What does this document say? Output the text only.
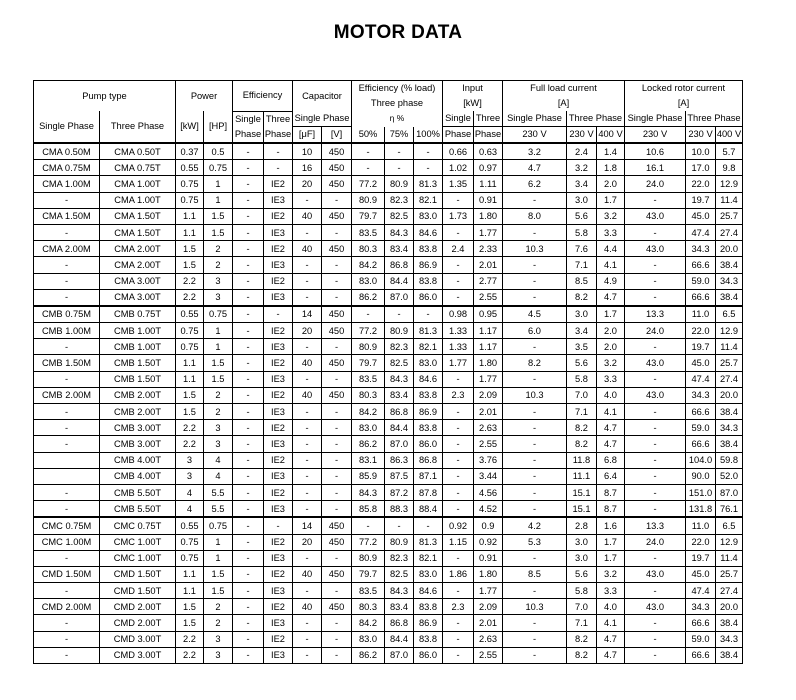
MOTOR DATA
Pump type		Power		Efficiency		Capacitor		Efficiency (% load)			Input		Full load current			Locked rotor current		
								Three phase			[kW]		[A]			[A]		
Single Phase	Three Phase	[kW]	[HP]	Single	Three	Single Phase		η %			Single	Three	Single Phase	Three Phase		Single Phase	Three Phase	
				Phase	Phase	[μF]	[V]	50%	75%	100%	Phase	Phase	230 V	230 V	400 V	230 V	230 V	400 V
CMA 0.50M	CMA 0.50T	0.37	0.5	-	-	10	450	-	-	-	0.66	0.63	3.2	2.4	1.4	10.6	10.0	5.7
CMA 0.75M	CMA 0.75T	0.55	0.75	-	-	16	450	-	-	-	1.02	0.97	4.7	3.2	1.8	16.1	17.0	9.8
CMA 1.00M	CMA 1.00T	0.75	1	-	IE2	20	450	77.2	80.9	81.3	1.35	1.11	6.2	3.4	2.0	24.0	22.0	12.9
-	CMA 1.00T	0.75	1	-	IE3	-	-	80.9	82.3	82.1	-	0.91	-	3.0	1.7	-	19.7	11.4
CMA 1.50M	CMA 1.50T	1.1	1.5	-	IE2	40	450	79.7	82.5	83.0	1.73	1.80	8.0	5.6	3.2	43.0	45.0	25.7
-	CMA 1.50T	1.1	1.5	-	IE3	-	-	83.5	84.3	84.6	-	1.77	-	5.8	3.3	-	47.4	27.4
CMA 2.00M	CMA 2.00T	1.5	2	-	IE2	40	450	80.3	83.4	83.8	2.4	2.33	10.3	7.6	4.4	43.0	34.3	20.0
-	CMA 2.00T	1.5	2	-	IE3	-	-	84.2	86.8	86.9	-	2.01	-	7.1	4.1	-	66.6	38.4
-	CMA 3.00T	2.2	3	-	IE2	-	-	83.0	84.4	83.8	-	2.77	-	8.5	4.9	-	59.0	34.3
-	CMA 3.00T	2.2	3	-	IE3	-	-	86.2	87.0	86.0	-	2.55	-	8.2	4.7	-	66.6	38.4
CMB 0.75M	CMB 0.75T	0.55	0.75	-	-	14	450	-	-	-	0.98	0.95	4.5	3.0	1.7	13.3	11.0	6.5
CMB 1.00M	CMB 1.00T	0.75	1	-	IE2	20	450	77.2	80.9	81.3	1.33	1.17	6.0	3.4	2.0	24.0	22.0	12.9
-	CMB 1.00T	0.75	1	-	IE3	-	-	80.9	82.3	82.1	1.33	1.17	-	3.5	2.0	-	19.7	11.4
CMB 1.50M	CMB 1.50T	1.1	1.5	-	IE2	40	450	79.7	82.5	83.0	1.77	1.80	8.2	5.6	3.2	43.0	45.0	25.7
-	CMB 1.50T	1.1	1.5	-	IE3	-	-	83.5	84.3	84.6	-	1.77	-	5.8	3.3	-	47.4	27.4
CMB 2.00M	CMB 2.00T	1.5	2	-	IE2	40	450	80.3	83.4	83.8	2.3	2.09	10.3	7.0	4.0	43.0	34.3	20.0
-	CMB 2.00T	1.5	2	-	IE3	-	-	84.2	86.8	86.9	-	2.01	-	7.1	4.1	-	66.6	38.4
-	CMB 3.00T	2.2	3	-	IE2	-	-	83.0	84.4	83.8	-	2.63	-	8.2	4.7	-	59.0	34.3
-	CMB 3.00T	2.2	3	-	IE3	-	-	86.2	87.0	86.0	-	2.55	-	8.2	4.7	-	66.6	38.4
	CMB 4.00T	3	4	-	IE2	-	-	83.1	86.3	86.8	-	3.76	-	11.8	6.8	-	104.0	59.8
	CMB 4.00T	3	4	-	IE3	-	-	85.9	87.5	87.1	-	3.44	-	11.1	6.4	-	90.0	52.0
-	CMB 5.50T	4	5.5	-	IE2	-	-	84.3	87.2	87.8	-	4.56	-	15.1	8.7	-	151.0	87.0
-	CMB 5.50T	4	5.5	-	IE3	-	-	85.8	88.3	88.4	-	4.52	-	15.1	8.7	-	131.8	76.1
CMC 0.75M	CMC 0.75T	0.55	0.75	-	-	14	450	-	-	-	0.92	0.9	4.2	2.8	1.6	13.3	11.0	6.5
CMC 1.00M	CMC 1.00T	0.75	1	-	IE2	20	450	77.2	80.9	81.3	1.15	0.92	5.3	3.0	1.7	24.0	22.0	12.9
-	CMC 1.00T	0.75	1	-	IE3	-	-	80.9	82.3	82.1	-	0.91	-	3.0	1.7	-	19.7	11.4
CMD 1.50M	CMD 1.50T	1.1	1.5	-	IE2	40	450	79.7	82.5	83.0	1.86	1.80	8.5	5.6	3.2	43.0	45.0	25.7
-	CMD 1.50T	1.1	1.5	-	IE3	-	-	83.5	84.3	84.6	-	1.77	-	5.8	3.3	-	47.4	27.4
CMD 2.00M	CMD 2.00T	1.5	2	-	IE2	40	450	80.3	83.4	83.8	2.3	2.09	10.3	7.0	4.0	43.0	34.3	20.0
-	CMD 2.00T	1.5	2	-	IE3	-	-	84.2	86.8	86.9	-	2.01	-	7.1	4.1	-	66.6	38.4
-	CMD 3.00T	2.2	3	-	IE2	-	-	83.0	84.4	83.8	-	2.63	-	8.2	4.7	-	59.0	34.3
-	CMD 3.00T	2.2	3	-	IE3	-	-	86.2	87.0	86.0	-	2.55	-	8.2	4.7	-	66.6	38.4
